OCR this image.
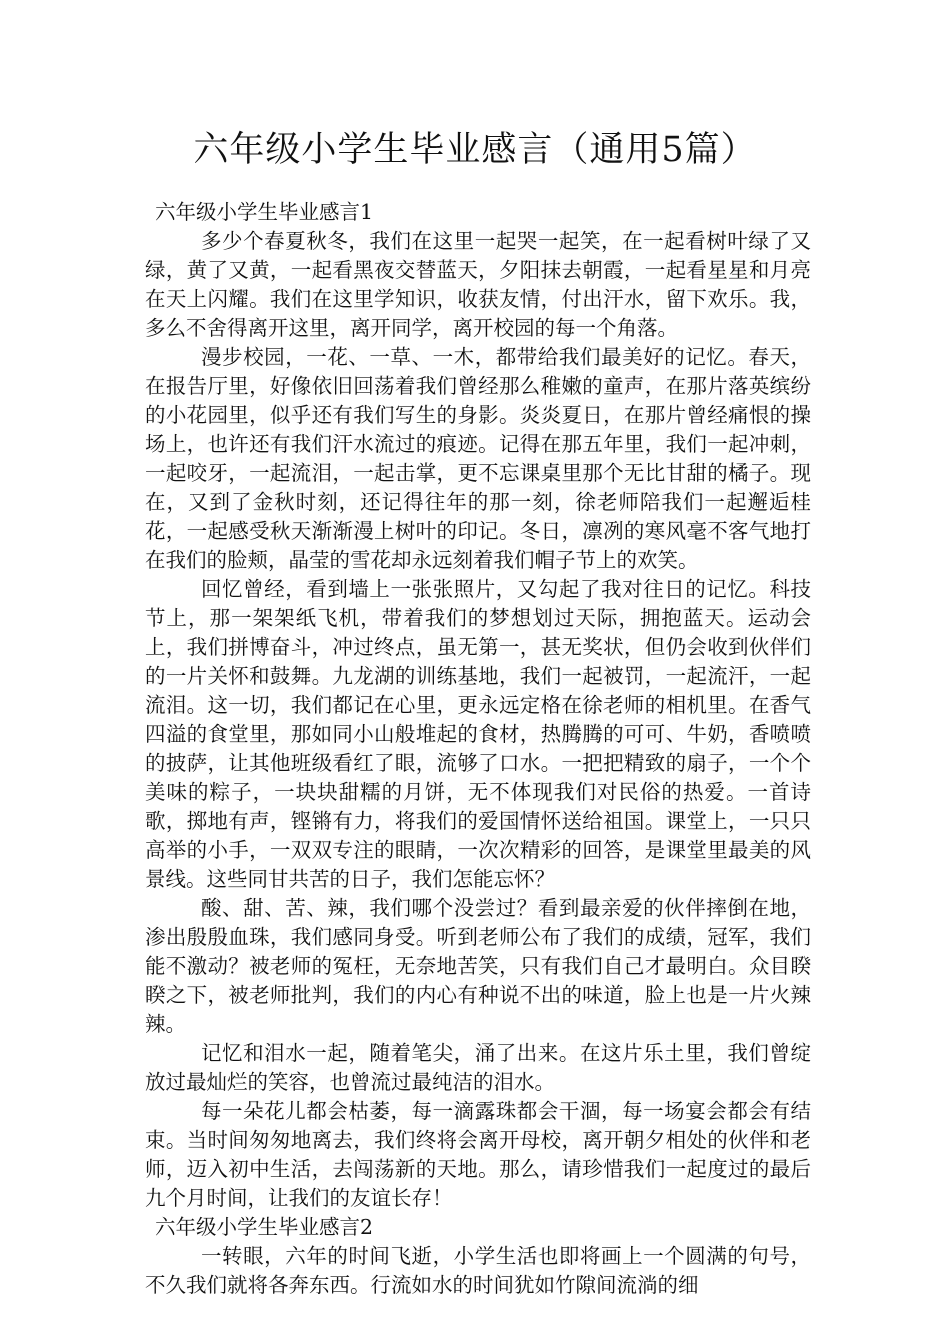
六年级小学生毕业感言（通用5篇）

六年级小学生毕业感言1

多少个春夏秋冬，我们在这里一起哭一起笑，在一起看树叶绿了又绿，黄了又黄，一起看黑夜交替蓝天，夕阳抹去朝霞，一起看星星和月亮在天上闪耀。我们在这里学知识，收获友情，付出汗水，留下欢乐。我，多么不舍得离开这里，离开同学，离开校园的每一个角落。

漫步校园，一花、一草、一木，都带给我们最美好的记忆。春天，在报告厅里，好像依旧回荡着我们曾经那么稚嫩的童声，在那片落英缤纷的小花园里，似乎还有我们写生的身影。炎炎夏日，在那片曾经痛恨的操场上，也许还有我们汗水流过的痕迹。记得在那五年里，我们一起冲刺，一起咬牙，一起流泪，一起击掌，更不忘课桌里那个无比甘甜的橘子。现在，又到了金秋时刻，还记得往年的那一刻，徐老师陪我们一起邂逅桂花，一起感受秋天渐渐漫上树叶的印记。冬日，凛冽的寒风毫不客气地打在我们的脸颊，晶莹的雪花却永远刻着我们帽子节上的欢笑。

回忆曾经，看到墙上一张张照片，又勾起了我对往日的记忆。科技节上，那一架架纸飞机，带着我们的梦想划过天际，拥抱蓝天。运动会上，我们拼博奋斗，冲过终点，虽无第一，甚无奖状，但仍会收到伙伴们的一片关怀和鼓舞。九龙湖的训练基地，我们一起被罚，一起流汗，一起流泪。这一切，我们都记在心里，更永远定格在徐老师的相机里。在香气四溢的食堂里，那如同小山般堆起的食材，热腾腾的可可、牛奶，香喷喷的披萨，让其他班级看红了眼，流够了口水。一把把精致的扇子，一个个美味的粽子，一块块甜糯的月饼，无不体现我们对民俗的热爱。一首诗歌，掷地有声，铿锵有力，将我们的爱国情怀送给祖国。课堂上，一只只高举的小手，一双双专注的眼睛，一次次精彩的回答，是课堂里最美的风景线。这些同甘共苦的日子，我们怎能忘怀？

酸、甜、苦、辣，我们哪个没尝过？看到最亲爱的伙伴摔倒在地，渗出殷殷血珠，我们感同身受。听到老师公布了我们的成绩，冠军，我们能不激动？被老师的冤枉，无奈地苦笑，只有我们自己才最明白。众目睽睽之下，被老师批判，我们的内心有种说不出的味道，脸上也是一片火辣辣。

记忆和泪水一起，随着笔尖，涌了出来。在这片乐土里，我们曾绽放过最灿烂的笑容，也曾流过最纯洁的泪水。

每一朵花儿都会枯萎，每一滴露珠都会干涸，每一场宴会都会有结束。当时间匆匆地离去，我们终将会离开母校，离开朝夕相处的伙伴和老师，迈入初中生活，去闯荡新的天地。那么，请珍惜我们一起度过的最后九个月时间，让我们的友谊长存！

六年级小学生毕业感言2

一转眼，六年的时间飞逝，小学生活也即将画上一个圆满的句号，不久我们就将各奔东西。行流如水的时间犹如竹隙间流淌的细
